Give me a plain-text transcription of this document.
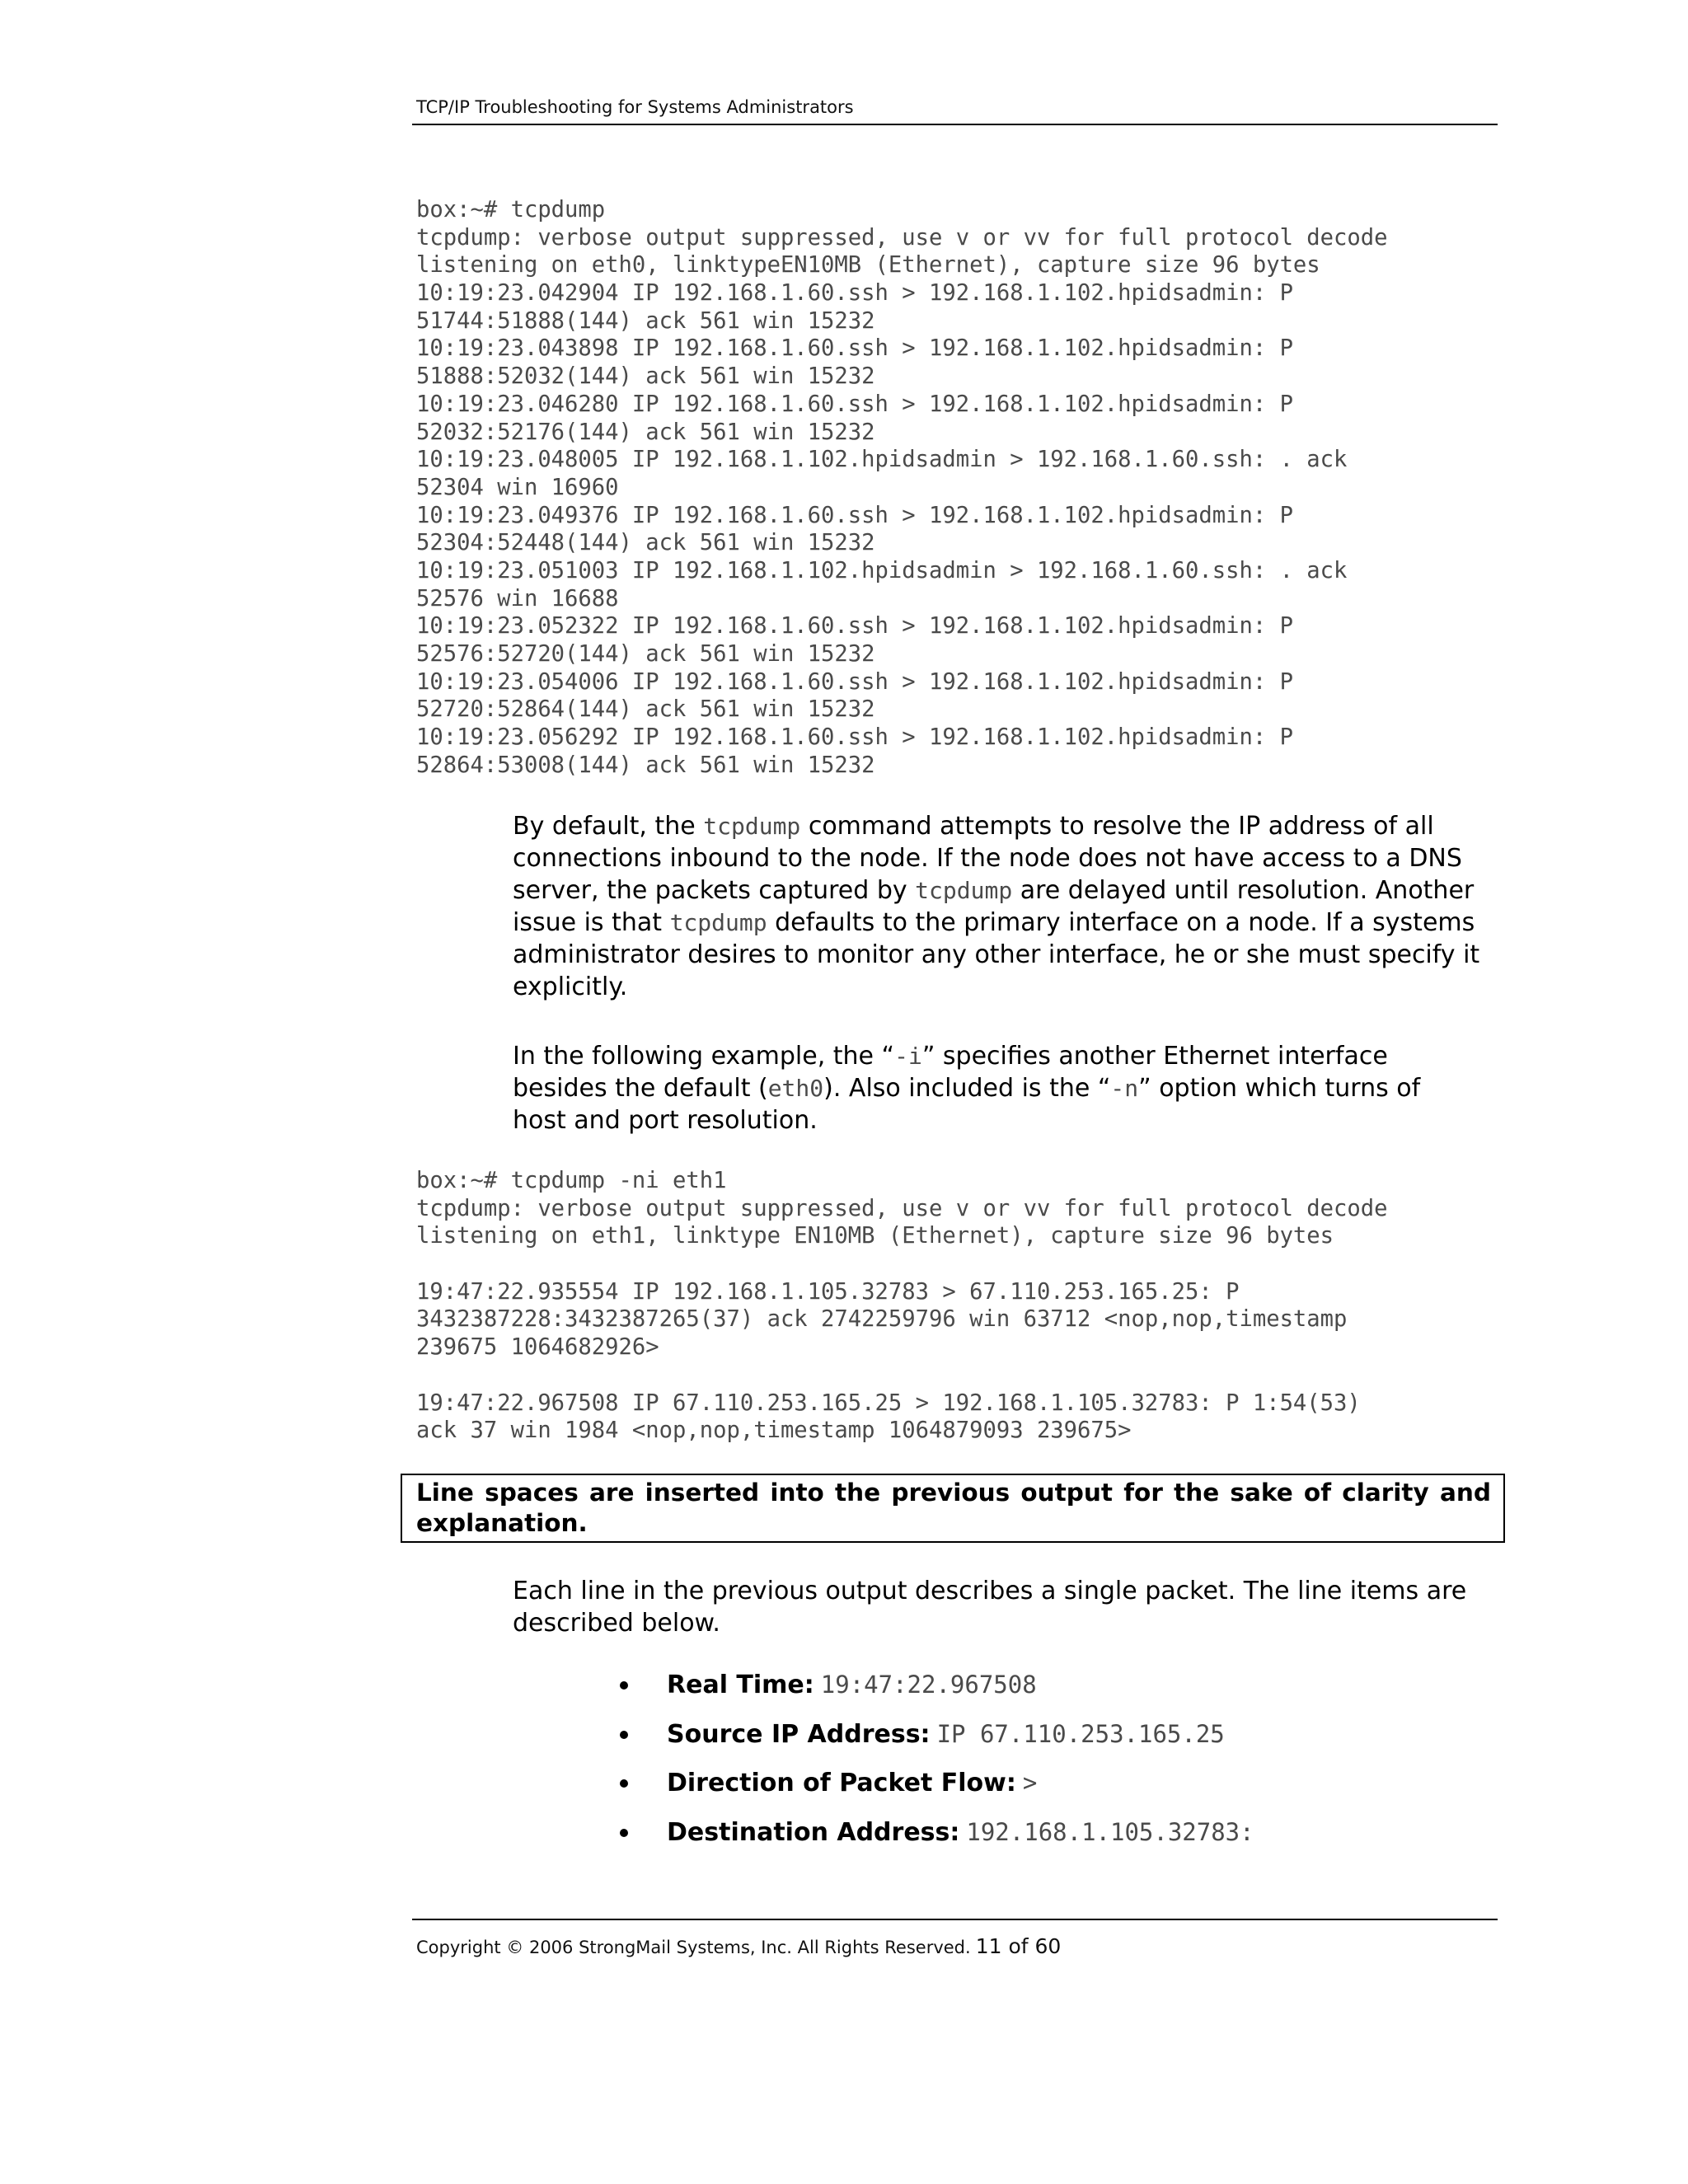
TCP/IP Troubleshooting for Systems Administrators
box:~# tcpdump
tcpdump: verbose output suppressed, use v or vv for full protocol decode
listening on eth0, linktypeEN10MB (Ethernet), capture size 96 bytes
10:19:23.042904 IP 192.168.1.60.ssh > 192.168.1.102.hpidsadmin: P
51744:51888(144) ack 561 win 15232
10:19:23.043898 IP 192.168.1.60.ssh > 192.168.1.102.hpidsadmin: P
51888:52032(144) ack 561 win 15232
10:19:23.046280 IP 192.168.1.60.ssh > 192.168.1.102.hpidsadmin: P
52032:52176(144) ack 561 win 15232
10:19:23.048005 IP 192.168.1.102.hpidsadmin > 192.168.1.60.ssh: . ack
52304 win 16960
10:19:23.049376 IP 192.168.1.60.ssh > 192.168.1.102.hpidsadmin: P
52304:52448(144) ack 561 win 15232
10:19:23.051003 IP 192.168.1.102.hpidsadmin > 192.168.1.60.ssh: . ack
52576 win 16688
10:19:23.052322 IP 192.168.1.60.ssh > 192.168.1.102.hpidsadmin: P
52576:52720(144) ack 561 win 15232
10:19:23.054006 IP 192.168.1.60.ssh > 192.168.1.102.hpidsadmin: P
52720:52864(144) ack 561 win 15232
10:19:23.056292 IP 192.168.1.60.ssh > 192.168.1.102.hpidsadmin: P
52864:53008(144) ack 561 win 15232
By default, the tcpdump command attempts to resolve the IP address of all
connections inbound to the node. If the node does not have access to a DNS
server, the packets captured by tcpdump are delayed until resolution. Another
issue is that tcpdump defaults to the primary interface on a node. If a systems
administrator desires to monitor any other interface, he or she must specify it
explicitly.
In the following example, the “-i” specifies another Ethernet interface
besides the default (eth0). Also included is the “-n” option which turns of
host and port resolution.
box:~# tcpdump -ni eth1
tcpdump: verbose output suppressed, use v or vv for full protocol decode
listening on eth1, linktype EN10MB (Ethernet), capture size 96 bytes
19:47:22.935554 IP 192.168.1.105.32783 > 67.110.253.165.25: P
3432387228:3432387265(37) ack 2742259796 win 63712 <nop,nop,timestamp
239675 1064682926>
19:47:22.967508 IP 67.110.253.165.25 > 192.168.1.105.32783: P 1:54(53)
ack 37 win 1984 <nop,nop,timestamp 1064879093 239675>
Line spaces are inserted into the previous output for the sake of clarity and explanation.
Each line in the previous output describes a single packet. The line items are
described below.
Real Time: 19:47:22.967508
Source IP Address: IP 67.110.253.165.25
Direction of Packet Flow: >
Destination Address: 192.168.1.105.32783:
Copyright © 2006 StrongMail Systems, Inc. All Rights Reserved. 11 of 60
